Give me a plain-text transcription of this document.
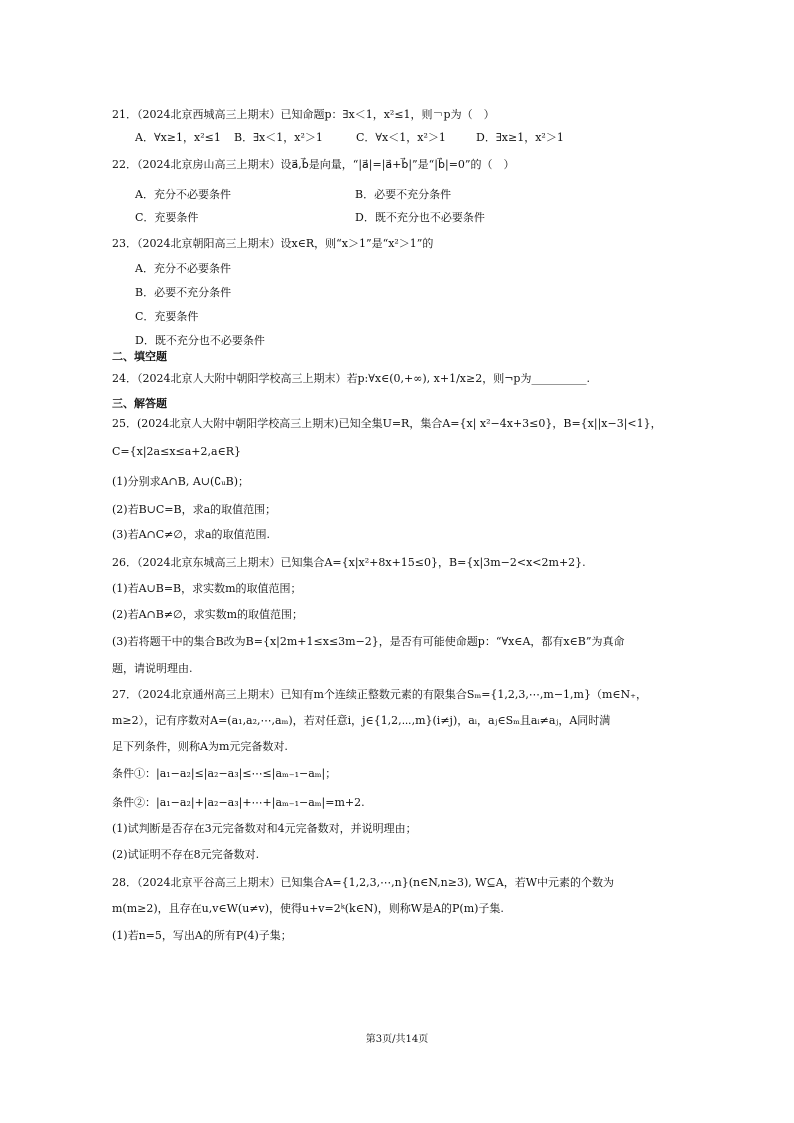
21．（2024北京西城高三上期末）已知命题p：∃x＜1，x²≤1，则￢p为（　）
A．∀x≥1，x²≤1 B．∃x＜1，x²＞1	C．∀x＜1，x²＞1	D．∃x≥1，x²＞1
22．（2024北京房山高三上期末）设a⃗,b⃗是向量，“|a⃗|=|a⃗+b⃗|”是“|b⃗|=0”的（　）
A．充分不必要条件	B．必要不充分条件
C．充要条件	D．既不充分也不必要条件
23．（2024北京朝阳高三上期末）设x∈R，则“x＞1”是“x²＞1”的
A．充分不必要条件
B．必要不充分条件
C．充要条件
D．既不充分也不必要条件
二、填空题
24．（2024北京人大附中朝阳学校高三上期末）若p:∀x∈(0,+∞), x+1/x≥2，则¬p为__________.
三、解答题
25．(2024北京人大附中朝阳学校高三上期末)已知全集U=R，集合A={x| x²−4x+3≤0}，B={x||x−3|<1}，
C={x|2a≤x≤a+2,a∈R}
(1)分别求A∩B, A∪(∁ᵤB)；
(2)若B∪C=B，求a的取值范围；
(3)若A∩C≠∅，求a的取值范围.
26．（2024北京东城高三上期末）已知集合A={x|x²+8x+15≤0}，B={x|3m−2<x<2m+2}.
(1)若A∪B=B，求实数m的取值范围；
(2)若A∩B≠∅，求实数m的取值范围；
(3)若将题干中的集合B改为B={x|2m+1≤x≤3m−2}，是否有可能使命题p：“∀x∈A，都有x∈B”为真命
题，请说明理由.
27．（2024北京通州高三上期末）已知有m个连续正整数元素的有限集合Sₘ={1,2,3,⋯,m−1,m}（m∈N₊，
m≥2），记有序数对A=(a₁,a₂,⋯,aₘ)，若对任意i，j∈{1,2,⋯,m}(i≠j)，aᵢ，aⱼ∈Sₘ且aᵢ≠aⱼ，A同时满
足下列条件，则称A为m元完备数对.
条件①：|a₁−a₂|≤|a₂−a₃|≤⋯≤|aₘ₋₁−aₘ|；
条件②：|a₁−a₂|+|a₂−a₃|+⋯+|aₘ₋₁−aₘ|=m+2.
(1)试判断是否存在3元完备数对和4元完备数对，并说明理由；
(2)试证明不存在8元完备数对.
28．（2024北京平谷高三上期末）已知集合A={1,2,3,⋯,n}(n∈N,n≥3), W⊆A，若W中元素的个数为
m(m≥2)，且存在u,v∈W(u≠v)，使得u+v=2ᵏ(k∈N)，则称W是A的P(m)子集.
(1)若n=5，写出A的所有P(4)子集；
第3页/共14页
